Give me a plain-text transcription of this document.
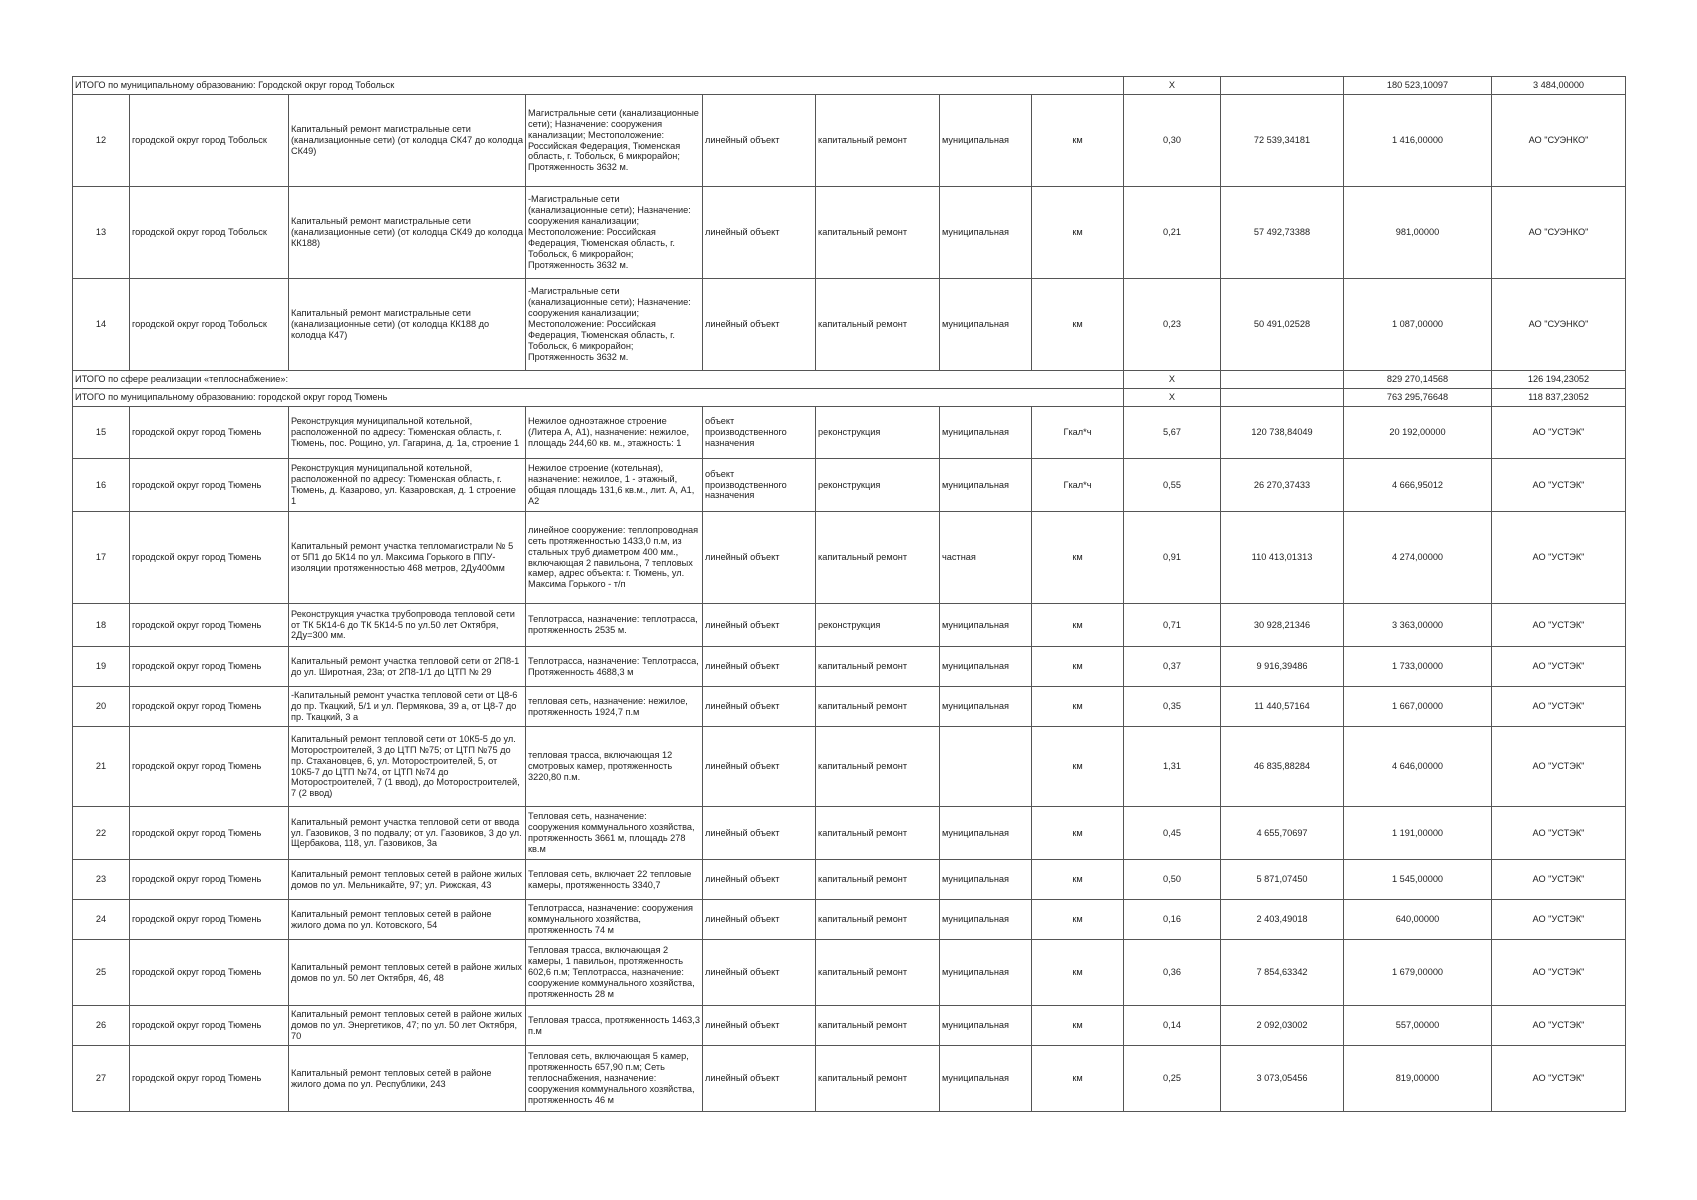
ИТОГО по муниципальному образованию: Городской округ город Тобольск								Х		180 523,10097	3 484,00000	
12	городской округ город Тобольск	Капитальный ремонт магистральные сети (канализационные сети) (от колодца СК47 до колодца СК49)	Магистральные сети (канализационные сети); Назначение: сооружения канализации; Местоположение: Российская Федерация, Тюменская область, г. Тобольск, 6 микрорайон; Протяженность 3632 м.	линейный объект	капитальный ремонт	муниципальная	км	0,30	72 539,34181	1 416,00000	АО "СУЭНКО"	
13	городской округ город Тобольск	Капитальный ремонт магистральные сети (канализационные сети) (от колодца СК49 до колодца КК188)	-Магистральные сети (канализационные сети); Назначение: сооружения канализации; Местоположение: Российская Федерация, Тюменская область, г. Тобольск, 6 микрорайон; Протяженность 3632 м.	линейный объект	капитальный ремонт	муниципальная	км	0,21	57 492,73388	981,00000	АО "СУЭНКО"	
14	городской округ город Тобольск	Капитальный ремонт магистральные сети (канализационные сети) (от колодца КК188 до колодца К47)	-Магистральные сети (канализационные сети); Назначение: сооружения канализации; Местоположение: Российская Федерация, Тюменская область, г. Тобольск, 6 микрорайон; Протяженность 3632 м.	линейный объект	капитальный ремонт	муниципальная	км	0,23	50 491,02528	1 087,00000	АО "СУЭНКО"	
ИТОГО по сфере реализации «теплоснабжение»:								Х		829 270,14568	126 194,23052	
ИТОГО по муниципальному образованию: городской округ город Тюмень								Х		763 295,76648	118 837,23052	
15	городской округ город Тюмень	Реконструкция муниципальной котельной, расположенной по адресу: Тюменская область, г. Тюмень, пос. Рощино, ул. Гагарина, д. 1а, строение 1	Нежилое одноэтажное строение (Литера А, А1), назначение: нежилое, площадь 244,60 кв. м., этажность: 1	объект производственного назначения	реконструкция	муниципальная	Гкал*ч	5,67	120 738,84049	20 192,00000	АО "УСТЭК"	
16	городской округ город Тюмень	Реконструкция муниципальной котельной, расположенной по адресу: Тюменская область, г. Тюмень, д. Казарово, ул. Казаровская, д. 1 строение 1	Нежилое строение (котельная), назначение: нежилое, 1 - этажный, общая площадь 131,6 кв.м., лит. А, А1, А2	объект производственного назначения	реконструкция	муниципальная	Гкал*ч	0,55	26 270,37433	4 666,95012	АО "УСТЭК"	
17	городской округ город Тюмень	Капитальный ремонт участка тепломагистрали № 5 от 5П1 до 5К14 по ул. Максима Горького в ППУ-изоляции протяженностью 468 метров, 2Ду400мм	линейное сооружение: теплопроводная сеть протяженностью 1433,0 п.м, из стальных труб диаметром 400 мм., включающая 2 павильона, 7 тепловых камер, адрес объекта: г. Тюмень, ул. Максима Горького - т/п	линейный объект	капитальный ремонт	частная	км	0,91	110 413,01313	4 274,00000	АО "УСТЭК"	
18	городской округ город Тюмень	Реконструкция участка трубопровода тепловой сети от ТК 5К14-6 до ТК 5К14-5 по ул.50 лет Октября, 2Ду=300 мм.	Теплотрасса, назначение: теплотрасса, протяженность 2535 м.	линейный объект	реконструкция	муниципальная	км	0,71	30 928,21346	3 363,00000	АО "УСТЭК"	
19	городской округ город Тюмень	Капитальный ремонт участка тепловой сети от 2П8-1 до ул. Широтная, 23а; от 2П8-1/1 до ЦТП № 29	Теплотрасса, назначение: Теплотрасса, Протяженность 4688,3 м	линейный объект	капитальный ремонт	муниципальная	км	0,37	9 916,39486	1 733,00000	АО "УСТЭК"	
20	городской округ город Тюмень	-Капитальный ремонт участка тепловой сети от Ц8-6 до пр. Ткацкий, 5/1 и ул. Пермякова, 39 а, от Ц8-7 до пр. Ткацкий, 3 а	тепловая сеть, назначение: нежилое, протяженность 1924,7 п.м	линейный объект	капитальный ремонт	муниципальная	км	0,35	11 440,57164	1 667,00000	АО "УСТЭК"	
21	городской округ город Тюмень	Капитальный ремонт тепловой сети от 10К5-5 до ул. Моторостроителей, 3 до ЦТП №75; от ЦТП №75 до пр. Стахановцев, 6, ул. Моторостроителей, 5, от 10К5-7 до ЦТП №74, от ЦТП №74 до Моторостроителей, 7 (1 ввод), до Моторостроителей, 7 (2 ввод)	тепловая трасса, включающая 12 смотровых камер, протяженность 3220,80 п.м.	линейный объект	капитальный ремонт		км	1,31	46 835,88284	4 646,00000	АО "УСТЭК"	
22	городской округ город Тюмень	Капитальный ремонт участка тепловой сети от ввода ул. Газовиков, 3 по подвалу; от ул. Газовиков, 3 до ул. Щербакова, 118, ул. Газовиков, 3а	Тепловая сеть, назначение: сооружения коммунального хозяйства, протяженность 3661 м, площадь 278 кв.м	линейный объект	капитальный ремонт	муниципальная	км	0,45	4 655,70697	1 191,00000	АО "УСТЭК"	
23	городской округ город Тюмень	Капитальный ремонт тепловых сетей в районе жилых домов по ул. Мельникайте, 97; ул. Рижская, 43	Тепловая сеть, включает 22 тепловые камеры, протяженность 3340,7	линейный объект	капитальный ремонт	муниципальная	км	0,50	5 871,07450	1 545,00000	АО "УСТЭК"	
24	городской округ город Тюмень	Капитальный ремонт тепловых сетей в районе жилого дома по ул. Котовского, 54	Теплотрасса, назначение: сооружения коммунального хозяйства, протяженность 74 м	линейный объект	капитальный ремонт	муниципальная	км	0,16	2 403,49018	640,00000	АО "УСТЭК"	
25	городской округ город Тюмень	Капитальный ремонт тепловых сетей в районе жилых домов по ул. 50 лет Октября, 46, 48	Тепловая трасса, включающая 2 камеры, 1 павильон, протяженность 602,6 п.м; Теплотрасса, назначение: сооружение коммунального хозяйства, протяженность 28 м	линейный объект	капитальный ремонт	муниципальная	км	0,36	7 854,63342	1 679,00000	АО "УСТЭК"	
26	городской округ город Тюмень	Капитальный ремонт тепловых сетей в районе жилых домов по ул. Энергетиков, 47; по ул. 50 лет Октября, 70	Тепловая трасса, протяженность 1463,3 п.м	линейный объект	капитальный ремонт	муниципальная	км	0,14	2 092,03002	557,00000	АО "УСТЭК"	
27	городской округ город Тюмень	Капитальный ремонт тепловых сетей в районе жилого дома по ул. Республики, 243	Тепловая сеть, включающая 5 камер, протяженность 657,90 п.м; Сеть теплоснабжения, назначение: сооружения коммунального хозяйства, протяженность 46 м	линейный объект	капитальный ремонт	муниципальная	км	0,25	3 073,05456	819,00000	АО "УСТЭК"	
